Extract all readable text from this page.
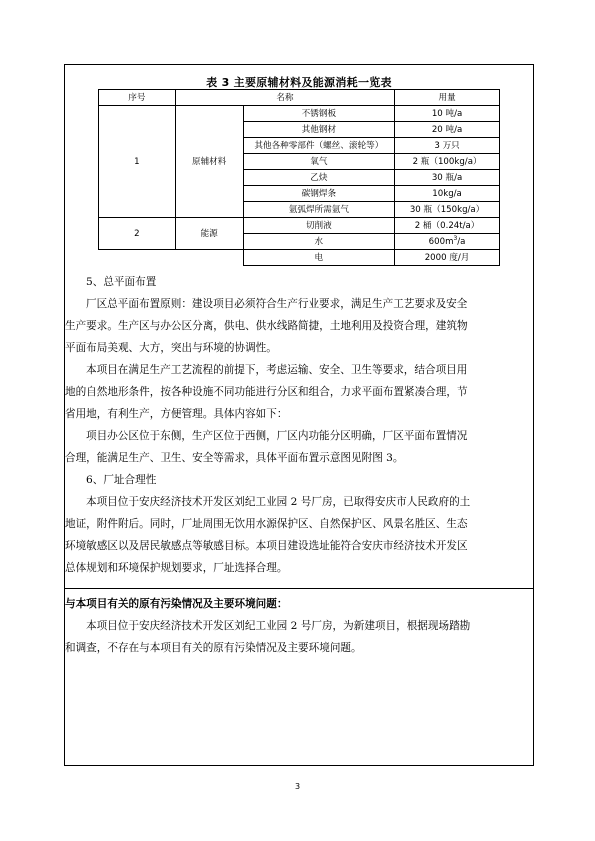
表 3 主要原辅材料及能源消耗一览表
序号	名称		用量
1	原辅材料	不锈钢板	10 吨/a
		其他钢材	20 吨/a
		其他各种零部件（螺丝、滚轮等）	3 万只
		氧气	2 瓶（100kg/a）
		乙炔	30 瓶/a
		碳钢焊条	10kg/a
		氩弧焊所需氩气	30 瓶（150kg/a）
2	能源	切削液	2 桶（0.24t/a）
		水	$600m^3/a$
		电	2000 度/月
5、总平面布置
厂区总平面布置原则：建设项目必须符合生产行业要求，满足生产工艺要求及安全
生产要求。生产区与办公区分离，供电、供水线路简捷，土地利用及投资合理，建筑物
平面布局美观、大方，突出与环境的协调性。
本项目在满足生产工艺流程的前提下，考虑运输、安全、卫生等要求，结合项目用
地的自然地形条件，按各种设施不同功能进行分区和组合，力求平面布置紧凑合理，节
省用地，有利生产，方便管理。具体内容如下：
项目办公区位于东侧，生产区位于西侧，厂区内功能分区明确，厂区平面布置情况
合理，能满足生产、卫生、安全等需求，具体平面布置示意图见附图 3。
6、厂址合理性
本项目位于安庆经济技术开发区刘纪工业园 2 号厂房，已取得安庆市人民政府的土
地证，附件附后。同时，厂址周围无饮用水源保护区、自然保护区、风景名胜区、生态
环境敏感区以及居民敏感点等敏感目标。本项目建设选址能符合安庆市经济技术开发区
总体规划和环境保护规划要求，厂址选择合理。
与本项目有关的原有污染情况及主要环境问题：
本项目位于安庆经济技术开发区刘纪工业园 2 号厂房，为新建项目，根据现场踏勘
和调查，不存在与本项目有关的原有污染情况及主要环境问题。
3
